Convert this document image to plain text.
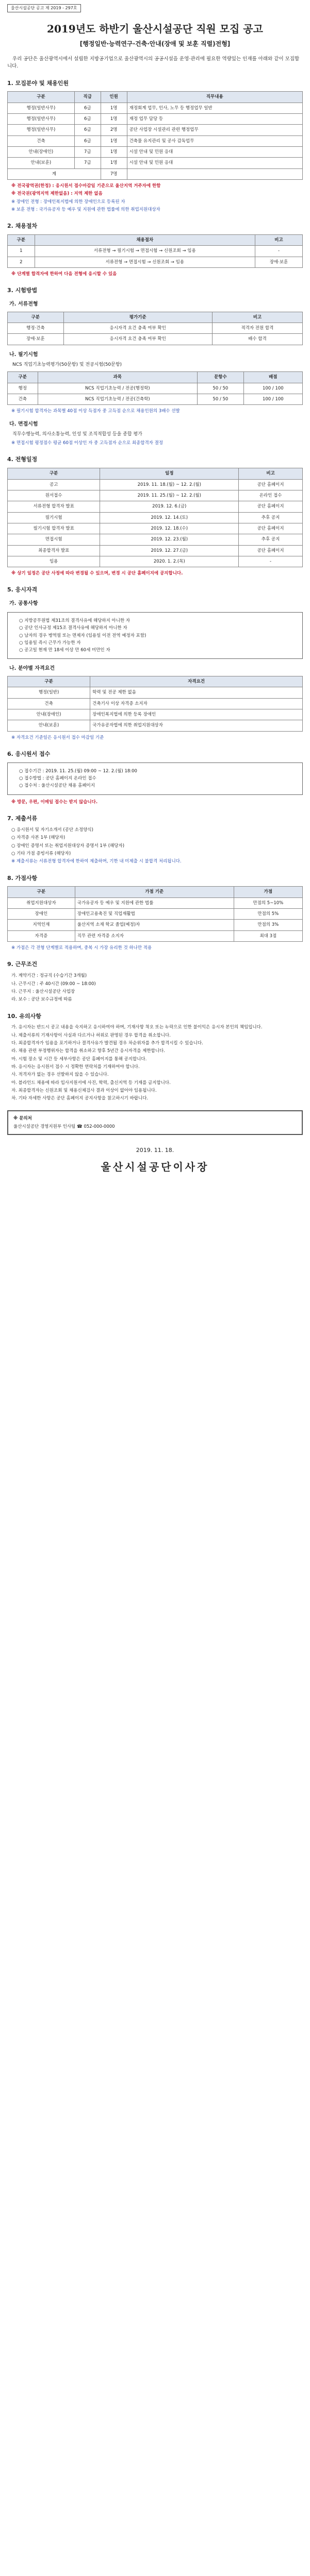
울산시설공단 공고 제 2019 - 297호
2019년도 하반기 울산시설공단 직원 모집 공고
[행정일반·능력연구·건축·안내(장애 및 보훈 직렬)전형]

우리 공단은 울산광역시에서 설립한 지방공기업으로 울산광역시의 공공시설을 운영·관리에 필요한 역량있는 인재를 아래와 같이 모집합니다.

1. 모집분야 및 채용인원
구분	직급	인원	직무내용
행정(일반사무)	6급	1명	재정회계 업무, 인사, 노무 등 행정업무 일반
행정(일반사무)	6급	1명	재정 업무 담당 등
행정(일반사무)	6급	2명	공단 사업장 시설관리 관련 행정업무
건축	6급	1명	건축물 유지관리 및 공사 감독업무
안내(장애인)	7급	1명	시설 안내 및 민원 응대
안내(보훈)	7급	1명	시설 안내 및 민원 응대
계		7명	

※ 전국광역권(한정) : 응시원서 접수마감일 기준으로 울산지역 거주자에 한함

※ 전국권(광역지역 제한없음) : 지역 제한 없음

※ 장애인 전형 : 장애인복지법에 의한 장애인으로 등록된 자

※ 보훈 전형 : 국가유공자 등 예우 및 지원에 관한 법률에 의한 취업지원대상자

2. 채용절차
구분	채용절차	비고
1	서류전형 → 필기시험 → 면접시험 → 신원조회 → 임용	-
2	서류전형 → 면접시험 → 신원조회 → 임용	장애·보훈

※ 단계별 합격자에 한하여 다음 전형에 응시할 수 있음

3. 시험방법
가. 서류전형
구분	평가기준	비고
행정·건축	응시자격 요건 충족 여부 확인	적격자 전원 합격
장애·보훈	응시자격 요건 충족 여부 확인	배수 합격
나. 필기시험

NCS 직업기초능력평가(50문항) 및 전공시험(50문항)

구분	과목	문항수	배점
행정	NCS 직업기초능력 / 전공(행정학)	50 / 50	100 / 100
건축	NCS 직업기초능력 / 전공(건축학)	50 / 50	100 / 100

※ 필기시험 합격자는 과목별 40점 이상 득점자 중 고득점 순으로 채용인원의 3배수 선발

다. 면접시험

직무수행능력, 의사소통능력, 인성 및 조직적합성 등을 종합 평가

※ 면접시험 평정점수 평균 60점 이상인 자 중 고득점자 순으로 최종합격자 결정

4. 전형일정
구분	일정	비고
공고	2019. 11. 18.(월) ~ 12. 2.(월)	공단 홈페이지
원서접수	2019. 11. 25.(월) ~ 12. 2.(월)	온라인 접수
서류전형 합격자 발표	2019. 12. 6.(금)	공단 홈페이지
필기시험	2019. 12. 14.(토)	추후 공지
필기시험 합격자 발표	2019. 12. 18.(수)	공단 홈페이지
면접시험	2019. 12. 23.(월)	추후 공지
최종합격자 발표	2019. 12. 27.(금)	공단 홈페이지
임용	2020. 1. 2.(목)	-

※ 상기 일정은 공단 사정에 따라 변경될 수 있으며, 변경 시 공단 홈페이지에 공지합니다.

5. 응시자격
가. 공통사항
○ 지방공무원법 제31조의 결격사유에 해당하지 아니한 자
○ 공단 인사규정 제15조 결격사유에 해당하지 아니한 자
○ 남자의 경우 병역필 또는 면제자 (임용일 이전 전역 예정자 포함)
○ 임용일 즉시 근무가 가능한 자
○ 공고일 현재 만 18세 이상 만 60세 미만인 자
나. 분야별 자격요건
구분	자격요건
행정(일반)	학력 및 전공 제한 없음
건축	건축기사 이상 자격증 소지자
안내(장애인)	장애인복지법에 의한 등록 장애인
안내(보훈)	국가유공자법에 의한 취업지원대상자

※ 자격요건 기준일은 응시원서 접수 마감일 기준

6. 응시원서 접수
○ 접수기간 : 2019. 11. 25.(월) 09:00 ~ 12. 2.(월) 18:00
○ 접수방법 : 공단 홈페이지 온라인 접수
○ 접수처 : 울산시설공단 채용 홈페이지

※ 방문, 우편, 이메일 접수는 받지 않습니다.

7. 제출서류
○ 응시원서 및 자기소개서 (공단 소정양식)
○ 자격증 사본 1부 (해당자)
○ 장애인 증명서 또는 취업지원대상자 증명서 1부 (해당자)
○ 기타 가점 증빙서류 (해당자)

※ 제출서류는 서류전형 합격자에 한하여 제출하며, 기한 내 미제출 시 불합격 처리됩니다.

8. 가점사항
구분	가점 기준	가점
취업지원대상자	국가유공자 등 예우 및 지원에 관한 법률	만점의 5~10%
장애인	장애인고용촉진 및 직업재활법	만점의 5%
지역인재	울산지역 소재 학교 졸업(예정)자	만점의 3%
자격증	직무 관련 자격증 소지자	최대 3점

※ 가점은 각 전형 단계별로 적용하며, 중복 시 가장 유리한 것 하나만 적용

9. 근무조건
가. 계약기간 : 정규직 (수습기간 3개월)
나. 근무시간 : 주 40시간 (09:00 ~ 18:00)
다. 근무지 : 울산시설공단 사업장
라. 보수 : 공단 보수규정에 따름
10. 유의사항
가. 응시자는 반드시 공고 내용을 숙지하고 응시하여야 하며, 기재사항 착오 또는 누락으로 인한 불이익은 응시자 본인의 책임입니다.
나. 제출서류의 기재사항이 사실과 다르거나 허위로 판명된 경우 합격을 취소합니다.
다. 최종합격자가 임용을 포기하거나 결격사유가 발견될 경우 차순위자를 추가 합격시킬 수 있습니다.
라. 채용 관련 부정행위자는 합격을 취소하고 향후 5년간 응시자격을 제한합니다.
마. 시험 장소 및 시간 등 세부사항은 공단 홈페이지를 통해 공지합니다.
바. 응시자는 응시원서 접수 시 정확한 연락처를 기재하여야 합니다.
사. 적격자가 없는 경우 선발하지 않을 수 있습니다.
아. 블라인드 채용에 따라 입사지원서에 사진, 학력, 출신지역 등 기재를 금지합니다.
자. 최종합격자는 신원조회 및 채용신체검사 결과 이상이 없어야 임용됩니다.
차. 기타 자세한 사항은 공단 홈페이지 공지사항을 참고하시기 바랍니다.
※ 문의처
울산시설공단 경영지원부 인사팀 ☎ 052-000-0000
2019. 11. 18.
울산시설공단이사장
